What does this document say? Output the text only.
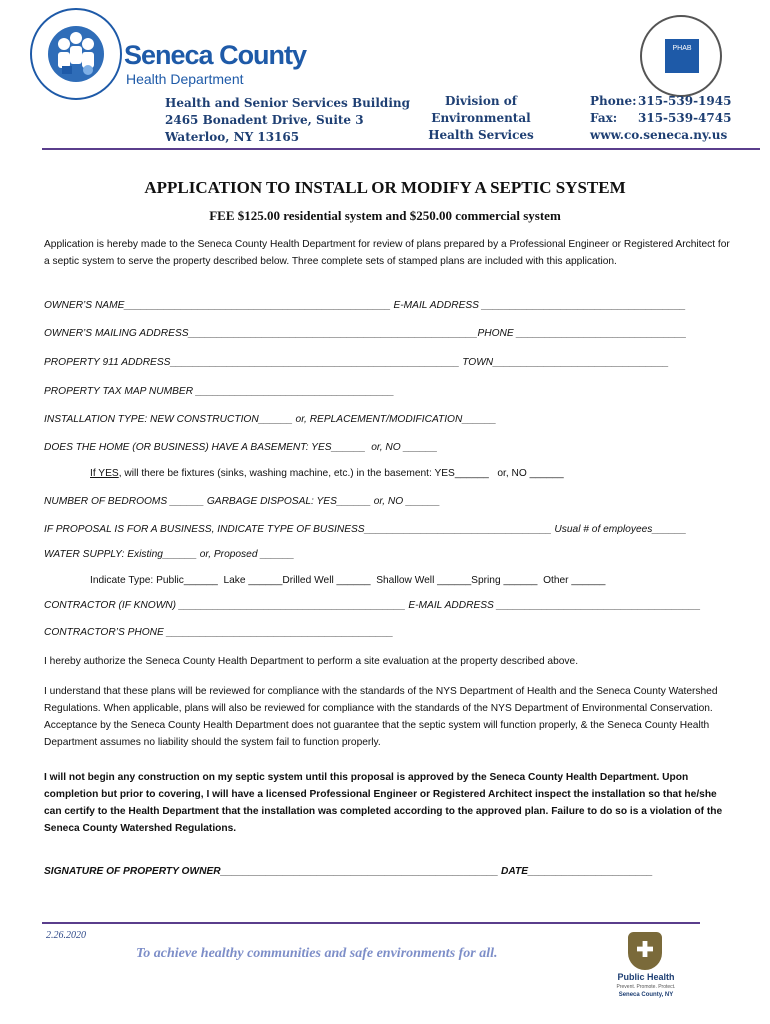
Seneca County
Health Department
PHAB
Health and Senior Services Building
2465 Bonadent Drive, Suite 3
Waterloo, NY 13165
Division of Environmental
Health Services
Phone: 315-539-1945
Fax:	315-539-4745
www.co.seneca.ny.us
APPLICATION TO INSTALL OR MODIFY A SEPTIC SYSTEM
FEE $125.00 residential system and $250.00 commercial system
Application is hereby made to the Seneca County Health Department for review of plans prepared by a Professional Engineer or Registered Architect for a septic system to serve the property described below. Three complete sets of stamped plans are included with this application.
OWNER’S NAME_______________________________________________ E-MAIL ADDRESS ____________________________________
OWNER’S MAILING ADDRESS___________________________________________________PHONE ______________________________
PROPERTY 911 ADDRESS___________________________________________________ TOWN_______________________________
PROPERTY TAX MAP NUMBER ___________________________________
INSTALLATION TYPE: NEW CONSTRUCTION______ or, REPLACEMENT/MODIFICATION______
DOES THE HOME (OR BUSINESS) HAVE A BASEMENT: YES______  or, NO ______
If YES, will there be fixtures (sinks, washing machine, etc.) in the basement: YES______   or, NO ______
NUMBER OF BEDROOMS ______ GARBAGE DISPOSAL: YES______ or, NO ______
IF PROPOSAL IS FOR A BUSINESS, INDICATE TYPE OF BUSINESS_________________________________ Usual # of employees______
WATER SUPPLY: Existing______ or, Proposed ______
Indicate Type: Public______  Lake ______Drilled Well ______  Shallow Well ______Spring ______  Other ______
CONTRACTOR (IF KNOWN) ________________________________________ E-MAIL ADDRESS ____________________________________
CONTRACTOR’S PHONE ________________________________________
I hereby authorize the Seneca County Health Department to perform a site evaluation at the property described above.
I understand that these plans will be reviewed for compliance with the standards of the NYS Department of Health and the Seneca County Watershed Regulations. When applicable, plans will also be reviewed for compliance with the standards of the NYS Department of Environmental Conservation. Acceptance by the Seneca County Health Department does not guarantee that the septic system will function properly, & the Seneca County Health Department assumes no liability should the system fail to function properly.
I will not begin any construction on my septic system until this proposal is approved by the Seneca County Health Department. Upon completion but prior to covering, I will have a licensed Professional Engineer or Registered Architect inspect the installation so that he/she can certify to the Health Department that the installation was completed according to the approved plan. Failure to do so is a violation of the Seneca County Watershed Regulations.
SIGNATURE OF PROPERTY OWNER_________________________________________________ DATE______________________
2.26.2020
To achieve healthy communities and safe environments for all.
Public Health
Prevent. Promote. Protect.
Seneca County, NY
